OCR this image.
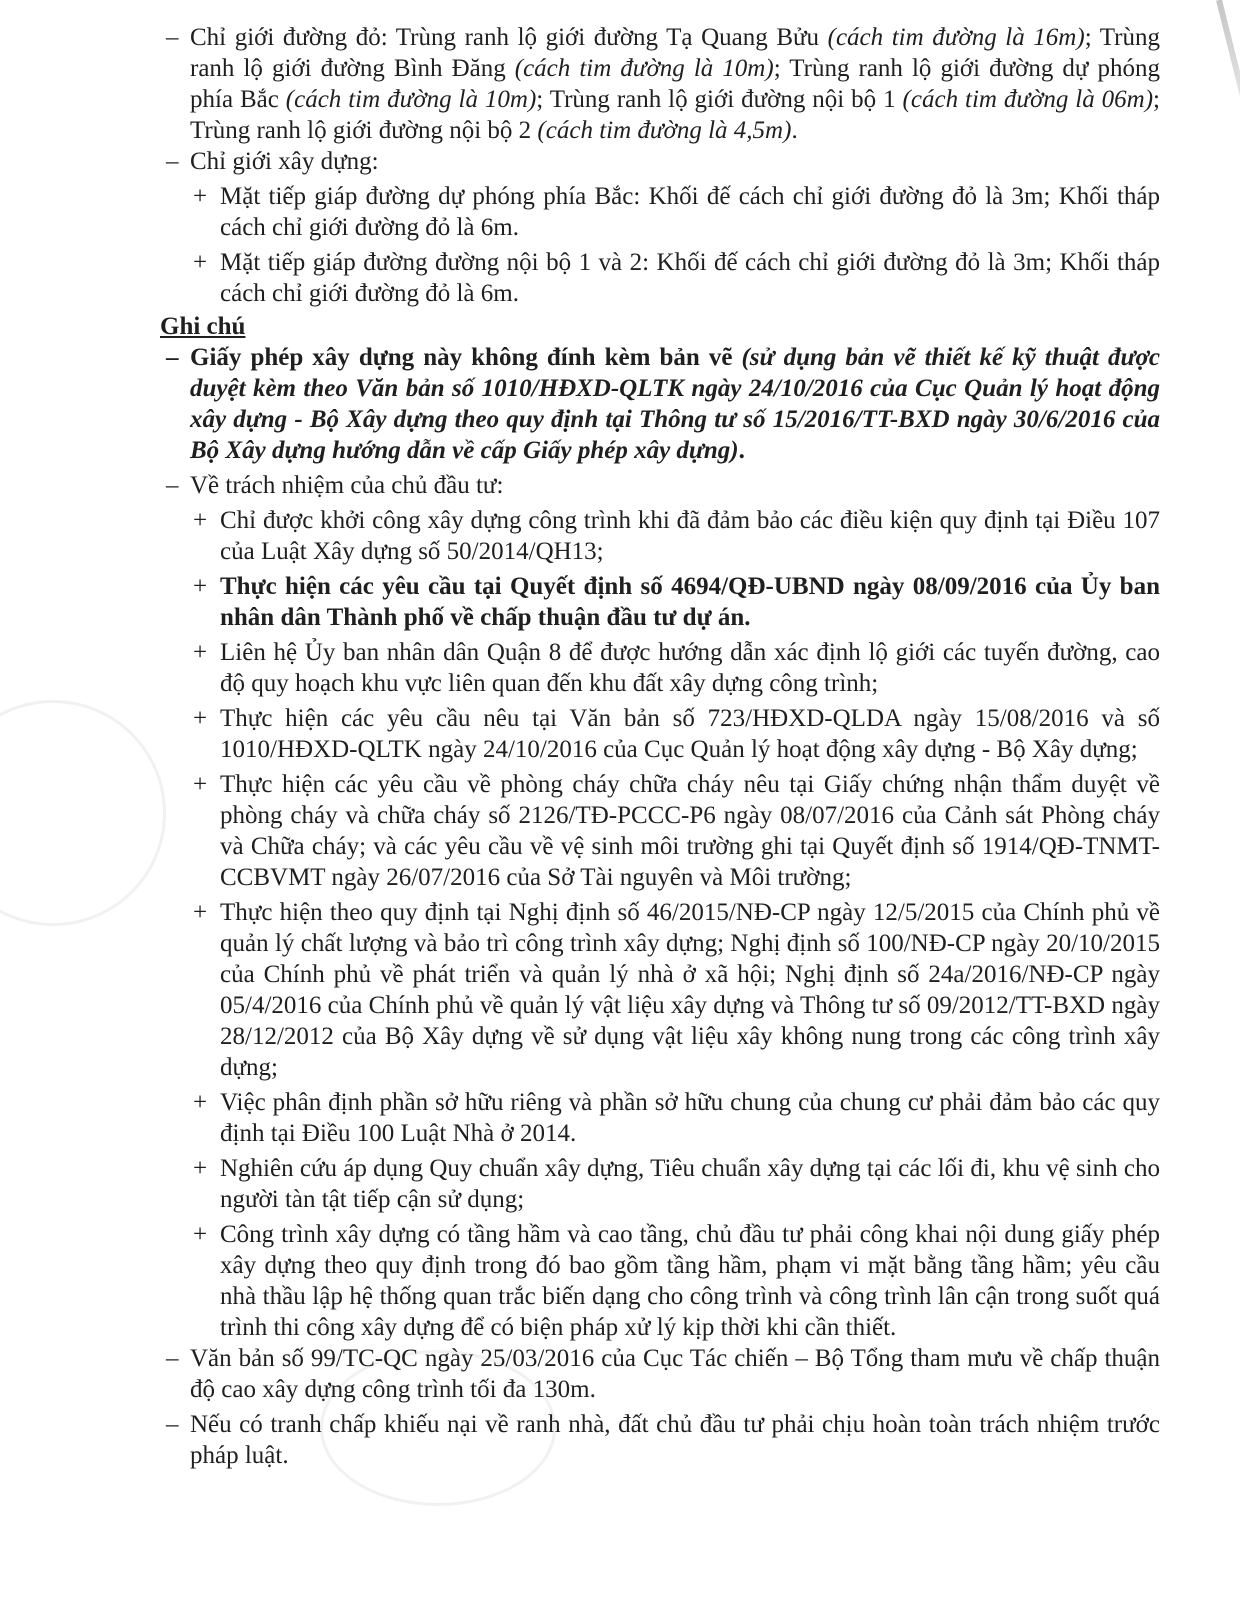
– Chỉ giới đường đỏ: Trùng ranh lộ giới đường Tạ Quang Bửu (cách tim đường là 16m); Trùng ranh lộ giới đường Bình Đăng (cách tim đường là 10m); Trùng ranh lộ giới đường dự phóng phía Bắc (cách tim đường là 10m); Trùng ranh lộ giới đường nội bộ 1 (cách tim đường là 06m); Trùng ranh lộ giới đường nội bộ 2 (cách tim đường là 4,5m).

– Chỉ giới xây dựng:

+ Mặt tiếp giáp đường dự phóng phía Bắc: Khối đế cách chỉ giới đường đỏ là 3m; Khối tháp cách chỉ giới đường đỏ là 6m.

+ Mặt tiếp giáp đường đường nội bộ 1 và 2: Khối đế cách chỉ giới đường đỏ là 3m; Khối tháp cách chỉ giới đường đỏ là 6m.

Ghi chú

– Giấy phép xây dựng này không đính kèm bản vẽ (sử dụng bản vẽ thiết kế kỹ thuật được duyệt kèm theo Văn bản số 1010/HĐXD-QLTK ngày 24/10/2016 của Cục Quản lý hoạt động xây dựng - Bộ Xây dựng theo quy định tại Thông tư số 15/2016/TT-BXD ngày 30/6/2016 của Bộ Xây dựng hướng dẫn về cấp Giấy phép xây dựng).

– Về trách nhiệm của chủ đầu tư:

+ Chỉ được khởi công xây dựng công trình khi đã đảm bảo các điều kiện quy định tại Điều 107 của Luật Xây dựng số 50/2014/QH13;

+ Thực hiện các yêu cầu tại Quyết định số 4694/QĐ-UBND ngày 08/09/2016 của Ủy ban nhân dân Thành phố về chấp thuận đầu tư dự án.

+ Liên hệ Ủy ban nhân dân Quận 8 để được hướng dẫn xác định lộ giới các tuyến đường, cao độ quy hoạch khu vực liên quan đến khu đất xây dựng công trình;

+ Thực hiện các yêu cầu nêu tại Văn bản số 723/HĐXD-QLDA ngày 15/08/2016 và số 1010/HĐXD-QLTK ngày 24/10/2016 của Cục Quản lý hoạt động xây dựng - Bộ Xây dựng;

+ Thực hiện các yêu cầu về phòng cháy chữa cháy nêu tại Giấy chứng nhận thẩm duyệt về phòng cháy và chữa cháy số 2126/TĐ-PCCC-P6 ngày 08/07/2016 của Cảnh sát Phòng cháy và Chữa cháy; và các yêu cầu về vệ sinh môi trường ghi tại Quyết định số 1914/QĐ-TNMT-CCBVMT ngày 26/07/2016 của Sở Tài nguyên và Môi trường;

+ Thực hiện theo quy định tại Nghị định số 46/2015/NĐ-CP ngày 12/5/2015 của Chính phủ về quản lý chất lượng và bảo trì công trình xây dựng; Nghị định số 100/NĐ-CP ngày 20/10/2015 của Chính phủ về phát triển và quản lý nhà ở xã hội; Nghị định số 24a/2016/NĐ-CP ngày 05/4/2016 của Chính phủ về quản lý vật liệu xây dựng và Thông tư số 09/2012/TT-BXD ngày 28/12/2012 của Bộ Xây dựng về sử dụng vật liệu xây không nung trong các công trình xây dựng;

+ Việc phân định phần sở hữu riêng và phần sở hữu chung của chung cư phải đảm bảo các quy định tại Điều 100 Luật Nhà ở 2014.

+ Nghiên cứu áp dụng Quy chuẩn xây dựng, Tiêu chuẩn xây dựng tại các lối đi, khu vệ sinh cho người tàn tật tiếp cận sử dụng;

+ Công trình xây dựng có tầng hầm và cao tầng, chủ đầu tư phải công khai nội dung giấy phép xây dựng theo quy định trong đó bao gồm tầng hầm, phạm vi mặt bằng tầng hầm; yêu cầu nhà thầu lập hệ thống quan trắc biến dạng cho công trình và công trình lân cận trong suốt quá trình thi công xây dựng để có biện pháp xử lý kịp thời khi cần thiết.

– Văn bản số 99/TC-QC ngày 25/03/2016 của Cục Tác chiến – Bộ Tổng tham mưu về chấp thuận độ cao xây dựng công trình tối đa 130m.

– Nếu có tranh chấp khiếu nại về ranh nhà, đất chủ đầu tư phải chịu hoàn toàn trách nhiệm trước pháp luật.
